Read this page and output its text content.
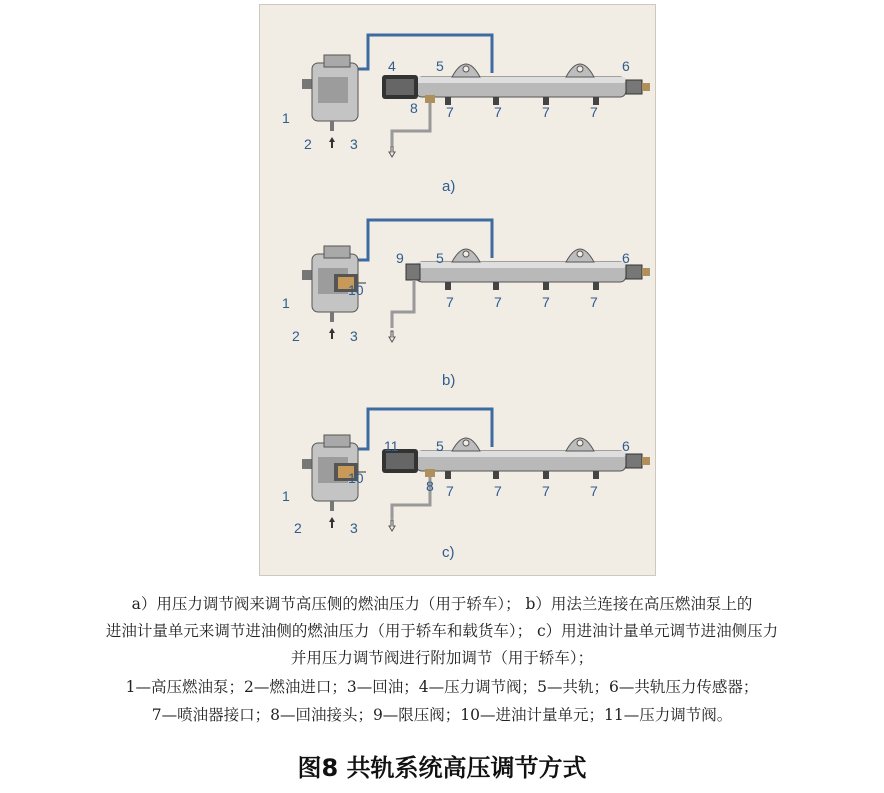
1
2	3
4	5	6
7	7	7	7
8
1
2	3
9 5	6
7	7	7	7
10
1
2	3
11	5	6
7	7	7	7
10	8
a)
b)
c)
a）用压力调节阀来调节高压侧的燃油压力（用于轿车）； b）用法兰连接在高压燃油泵上的
进油计量单元来调节进油侧的燃油压力（用于轿车和载货车）； c）用进油计量单元调节进油侧压力
并用压力调节阀进行附加调节（用于轿车）；
1—高压燃油泵；2—燃油进口；3—回油；4—压力调节阀；5—共轨；6—共轨压力传感器；
7—喷油器接口；8—回油接头；9—限压阀；10—进油计量单元；11—压力调节阀。
图8 共轨系统高压调节方式
